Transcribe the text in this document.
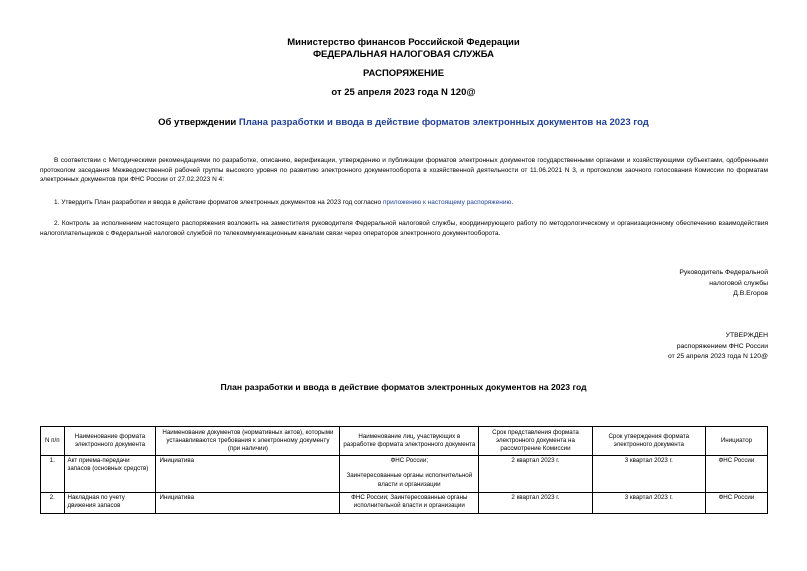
Министерство финансов Российской Федерации
ФЕДЕРАЛЬНАЯ НАЛОГОВАЯ СЛУЖБА
РАСПОРЯЖЕНИЕ
от 25 апреля 2023 года N 120@
Об утверждении Плана разработки и ввода в действие форматов электронных документов на 2023 год
В соответствии с Методическими рекомендациями по разработке, описанию, верификации, утверждению и публикации форматов электронных документов государственными органами и хозяйствующими субъектами, одобренными протоколом заседания Межведомственной рабочей группы высокого уровня по развитию электронного документооборота в хозяйственной деятельности от 11.06.2021 N 3, и протоколом заочного голосования Комиссии по форматам электронных документов при ФНС России от 27.02.2023 N 4:
1. Утвердить План разработки и ввода в действие форматов электронных документов на 2023 год согласно приложению к настоящему распоряжению.
2. Контроль за исполнением настоящего распоряжения возложить на заместителя руководителя Федеральной налоговой службы, координирующего работу по методологическому и организационному обеспечению взаимодействия налогоплательщиков с Федеральной налоговой службой по телекоммуникационным каналам связи через операторов электронного документооборота.
Руководитель Федеральной
налоговой службы
Д.В.Егоров
УТВЕРЖДЕН
распоряжением ФНС России
от 25 апреля 2023 года N 120@
План разработки и ввода в действие форматов электронных документов на 2023 год
N п/п	Наименование формата электронного документа	Наименование документов (нормативных актов), которыми устанавливаются требования к электронному документу (при наличии)	Наименование лиц, участвующих в разработке формата электронного документа	Срок представления формата электронного документа на рассмотрение Комиссии	Срок утверждения формата электронного документа	Инициатор
1.	Акт приема-передачи запасов (основных средств)	Инициатива	ФНС России;
Заинтересованные органы исполнительной власти и организации	2 квартал 2023 г.	3 квартал 2023 г.	ФНС России
2.	Накладная по учету движения запасов	Инициатива	ФНС России; Заинтересованные органы исполнительной власти и организации	2 квартал 2023 г.	3 квартал 2023 г.	ФНС России
